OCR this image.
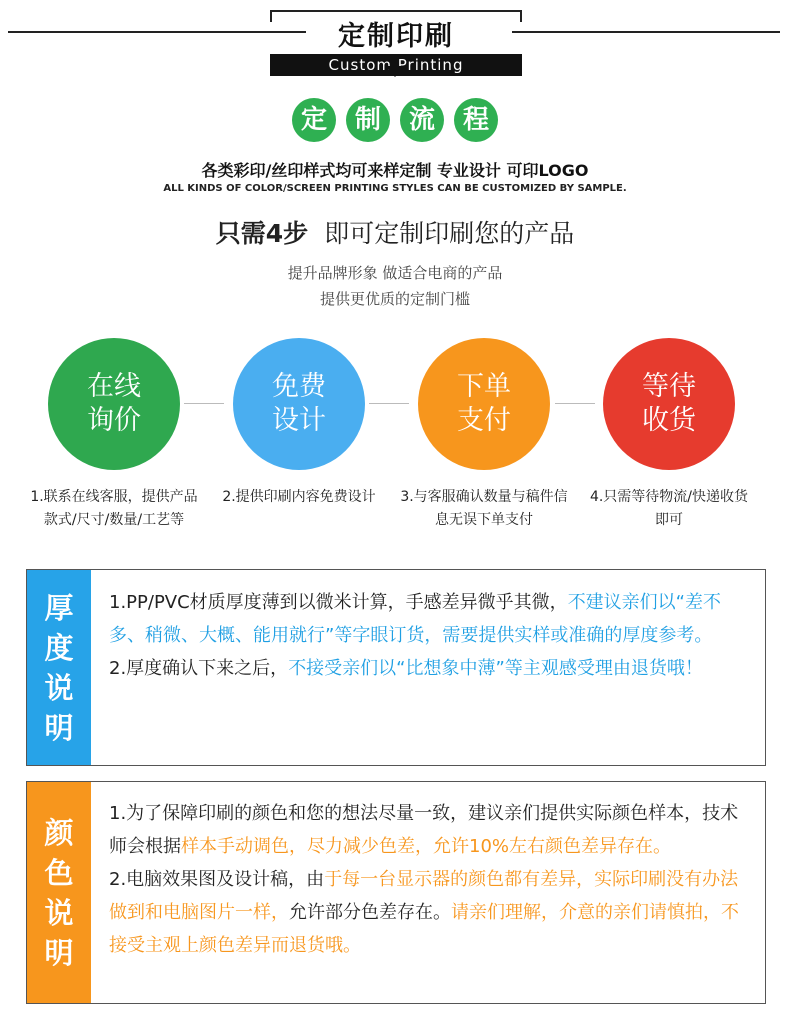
定制印刷
Custom Printing
定	制	流	程
各类彩印/丝印样式均可来样定制 专业设计 可印LOGO
ALL KINDS OF COLOR/SCREEN PRINTING STYLES CAN BE CUSTOMIZED BY SAMPLE.
只需4步 即可定制印刷您的产品
提升品牌形象 做适合电商的产品
提供更优质的定制门槛
在线
询价
免费
设计
下单
支付
等待
收货
1.联系在线客服，提供产品款式/尺寸/数量/工艺等
2.提供印刷内容免费设计	3.与客服确认数量与稿件信息无误下单支付
4.只需等待物流/快递收货即可
厚
度
说
明

1.PP/PVC材质厚度薄到以微米计算，手感差异微乎其微，不建议亲们以“差不多、稍微、大概、能用就行”等字眼订货，需要提供实样或准确的厚度参考。

2.厚度确认下来之后，不接受亲们以“比想象中薄”等主观感受理由退货哦！

颜
色
说
明

1.为了保障印刷的颜色和您的想法尽量一致，建议亲们提供实际颜色样本，技术师会根据样本手动调色，尽力减少色差，允许10%左右颜色差异存在。

2.电脑效果图及设计稿，由于每一台显示器的颜色都有差异，实际印刷没有办法做到和电脑图片一样，允许部分色差存在。请亲们理解，介意的亲们请慎拍，不接受主观上颜色差异而退货哦。
